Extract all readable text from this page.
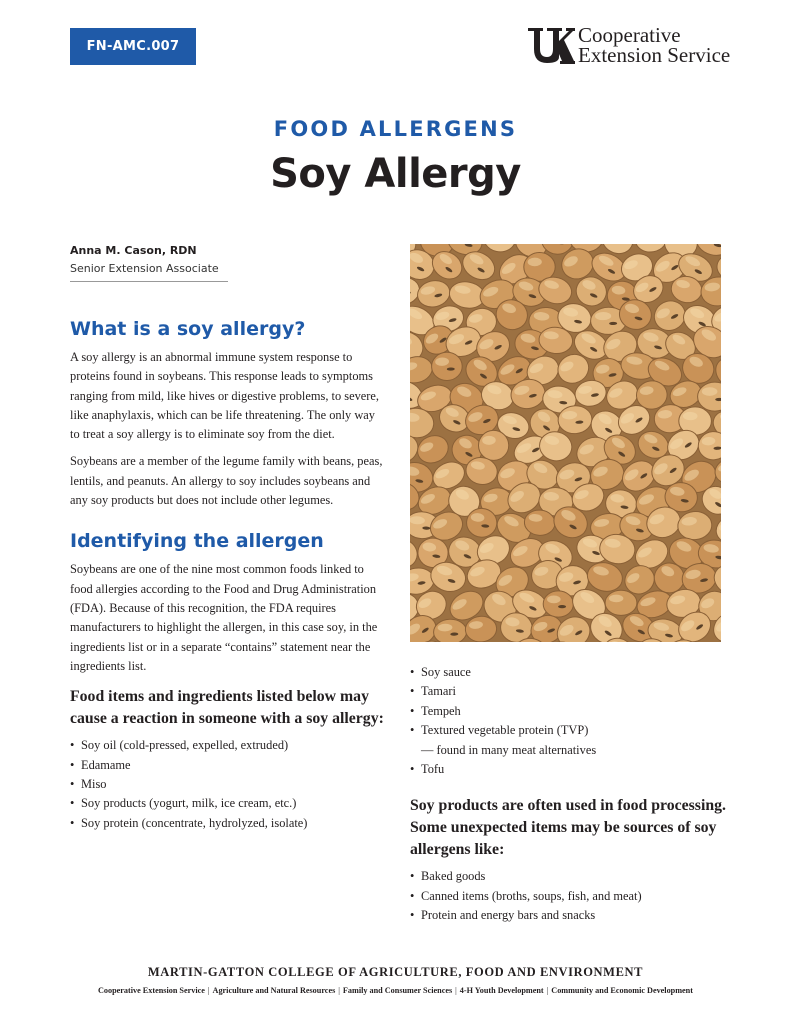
FN-AMC.007	Cooperative
Extension Service
FOOD ALLERGENS
Soy Allergy
Anna M. Cason, RDN
Senior Extension Associate
What is a soy allergy?

A soy allergy is an abnormal immune system response to proteins found in soybeans. This response leads to symptoms ranging from mild, like hives or digestive problems, to severe, like anaphylaxis, which can be life threatening. The only way to treat a soy allergy is to eliminate soy from the diet.

Soybeans are a member of the legume family with beans, peas, lentils, and peanuts. An allergy to soy includes soybeans and any soy products but does not include other legumes.

Identifying the allergen

Soybeans are one of the nine most common foods linked to food allergies according to the Food and Drug Administration (FDA). Because of this recognition, the FDA requires manufacturers to highlight the allergen, in this case soy, in the ingredients list or in a separate “contains” statement near the ingredients list.

Food items and ingredients listed below may cause a reaction in someone with a soy allergy:
• Soy oil (cold-pressed, expelled, extruded)
• Edamame
• Miso
• Soy products (yogurt, milk, ice cream, etc.)
• Soy protein (concentrate, hydrolyzed, isolate)
• Soy sauce
• Tamari
• Tempeh
• Textured vegetable protein (TVP)
— found in many meat alternatives
• Tofu
Soy products are often used in food processing. Some unexpected items may be sources of soy allergens like:
• Baked goods
• Canned items (broths, soups, fish, and meat)
• Protein and energy bars and snacks
MARTIN-GATTON COLLEGE OF AGRICULTURE, FOOD AND ENVIRONMENT
Cooperative Extension Service | Agriculture and Natural Resources | Family and Consumer Sciences | 4-H Youth Development | Community and Economic Development
